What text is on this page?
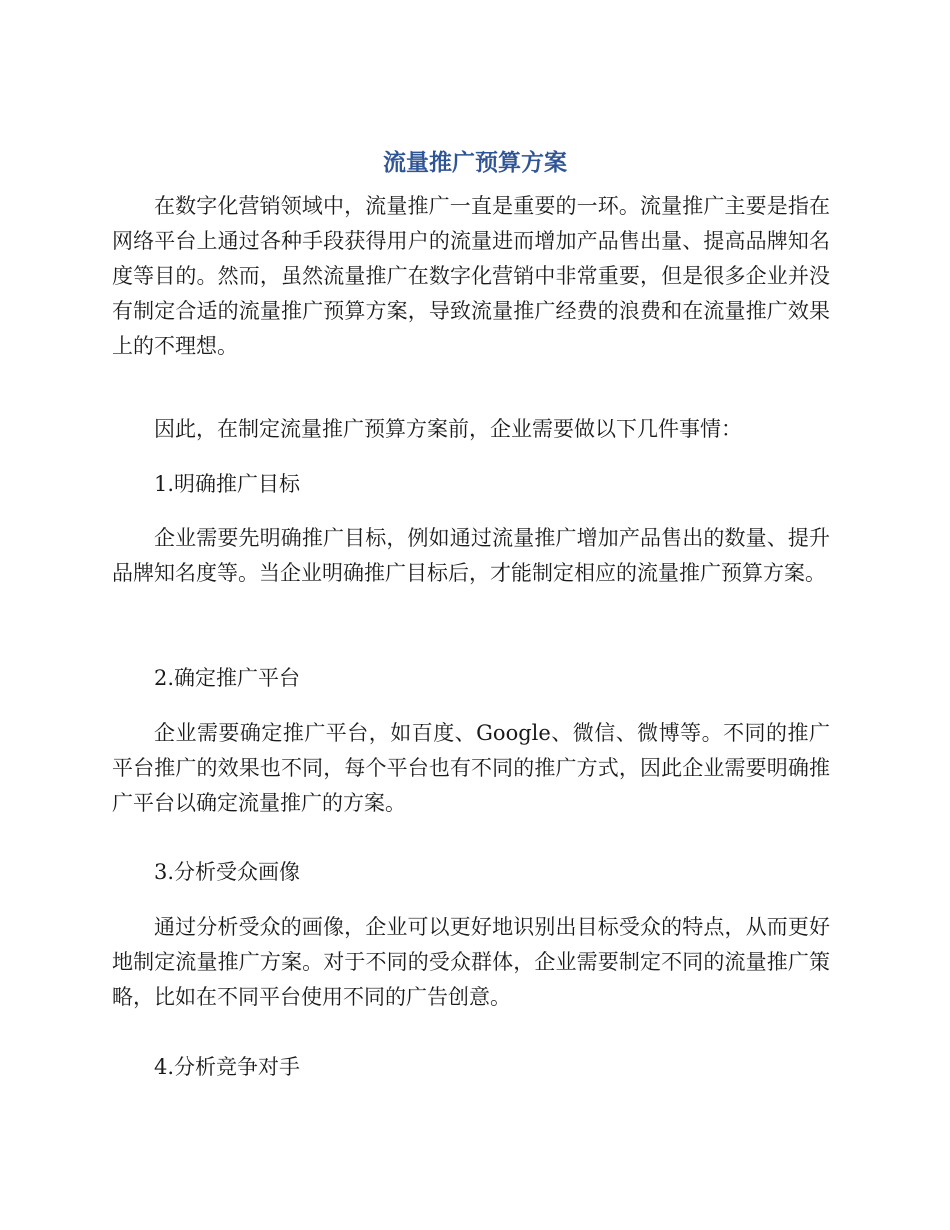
流量推广预算方案

在数字化营销领域中，流量推广一直是重要的一环。流量推广主要是指在网络平台上通过各种手段获得用户的流量进而增加产品售出量、提高品牌知名度等目的。然而，虽然流量推广在数字化营销中非常重要，但是很多企业并没有制定合适的流量推广预算方案，导致流量推广经费的浪费和在流量推广效果上的不理想。

因此，在制定流量推广预算方案前，企业需要做以下几件事情：

1.明确推广目标

企业需要先明确推广目标，例如通过流量推广增加产品售出的数量、提升品牌知名度等。当企业明确推广目标后，才能制定相应的流量推广预算方案。

2.确定推广平台

企业需要确定推广平台，如百度、Google、微信、微博等。不同的推广平台推广的效果也不同，每个平台也有不同的推广方式，因此企业需要明确推广平台以确定流量推广的方案。

3.分析受众画像

通过分析受众的画像，企业可以更好地识别出目标受众的特点，从而更好地制定流量推广方案。对于不同的受众群体，企业需要制定不同的流量推广策略，比如在不同平台使用不同的广告创意。

4.分析竞争对手
